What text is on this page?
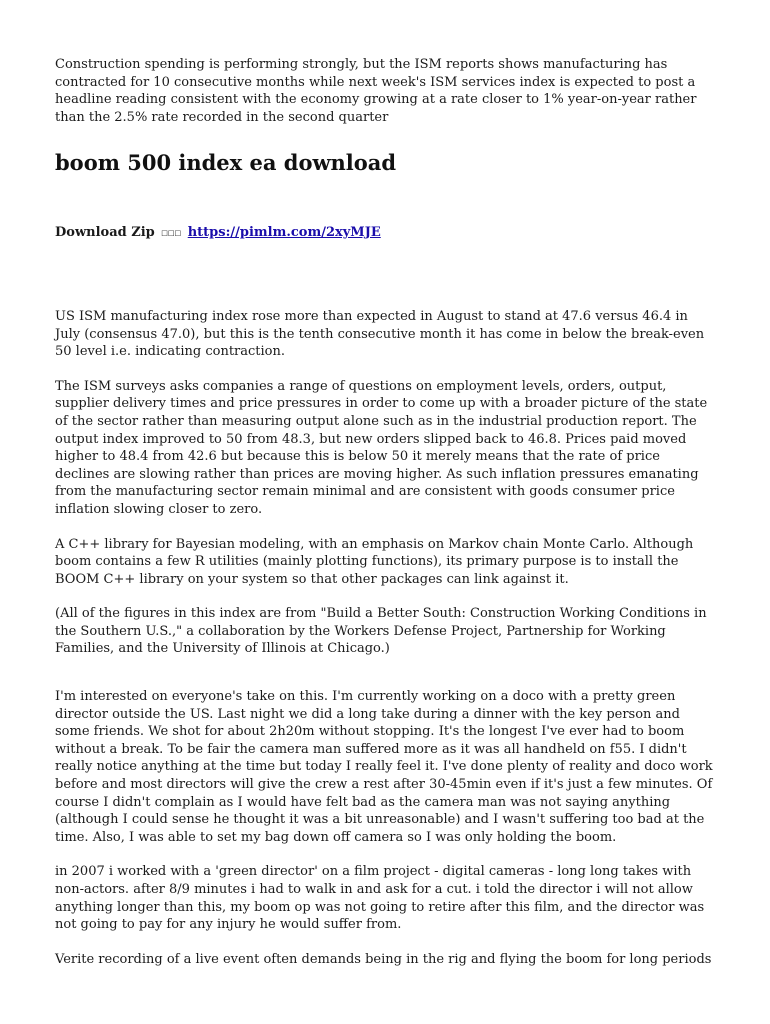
Construction spending is performing strongly, but the ISM reports shows manufacturing has contracted for 10 consecutive months while next week's ISM services index is expected to post a headline reading consistent with the economy growing at a rate closer to 1% year-on-year rather than the 2.5% rate recorded in the second quarter

boom 500 index ea download

Download Zip ☐☐☐ https://pimlm.com/2xyMJE

US ISM manufacturing index rose more than expected in August to stand at 47.6 versus 46.4 in July (consensus 47.0), but this is the tenth consecutive month it has come in below the break-even 50 level i.e. indicating contraction.

The ISM surveys asks companies a range of questions on employment levels, orders, output, supplier delivery times and price pressures in order to come up with a broader picture of the state of the sector rather than measuring output alone such as in the industrial production report. The output index improved to 50 from 48.3, but new orders slipped back to 46.8. Prices paid moved higher to 48.4 from 42.6 but because this is below 50 it merely means that the rate of price declines are slowing rather than prices are moving higher. As such inflation pressures emanating from the manufacturing sector remain minimal and are consistent with goods consumer price inflation slowing closer to zero.

A C++ library for Bayesian modeling, with an emphasis on Markov chain Monte Carlo. Although boom contains a few R utilities (mainly plotting functions), its primary purpose is to install the BOOM C++ library on your system so that other packages can link against it.

(All of the figures in this index are from "Build a Better South: Construction Working Conditions in the Southern U.S.," a collaboration by the Workers Defense Project, Partnership for Working Families, and the University of Illinois at Chicago.)

I'm interested on everyone's take on this. I'm currently working on a doco with a pretty green director outside the US. Last night we did a long take during a dinner with the key person and some friends. We shot for about 2h20m without stopping. It's the longest I've ever had to boom without a break. To be fair the camera man suffered more as it was all handheld on f55. I didn't really notice anything at the time but today I really feel it. I've done plenty of reality and doco work before and most directors will give the crew a rest after 30-45min even if it's just a few minutes. Of course I didn't complain as I would have felt bad as the camera man was not saying anything (although I could sense he thought it was a bit unreasonable) and I wasn't suffering too bad at the time. Also, I was able to set my bag down off camera so I was only holding the boom.

in 2007 i worked with a 'green director' on a film project - digital cameras - long long takes with non-actors. after 8/9 minutes i had to walk in and ask for a cut. i told the director i will not allow anything longer than this, my boom op was not going to retire after this film, and the director was not going to pay for any injury he would suffer from.

Verite recording of a live event often demands being in the rig and flying the boom for long periods
